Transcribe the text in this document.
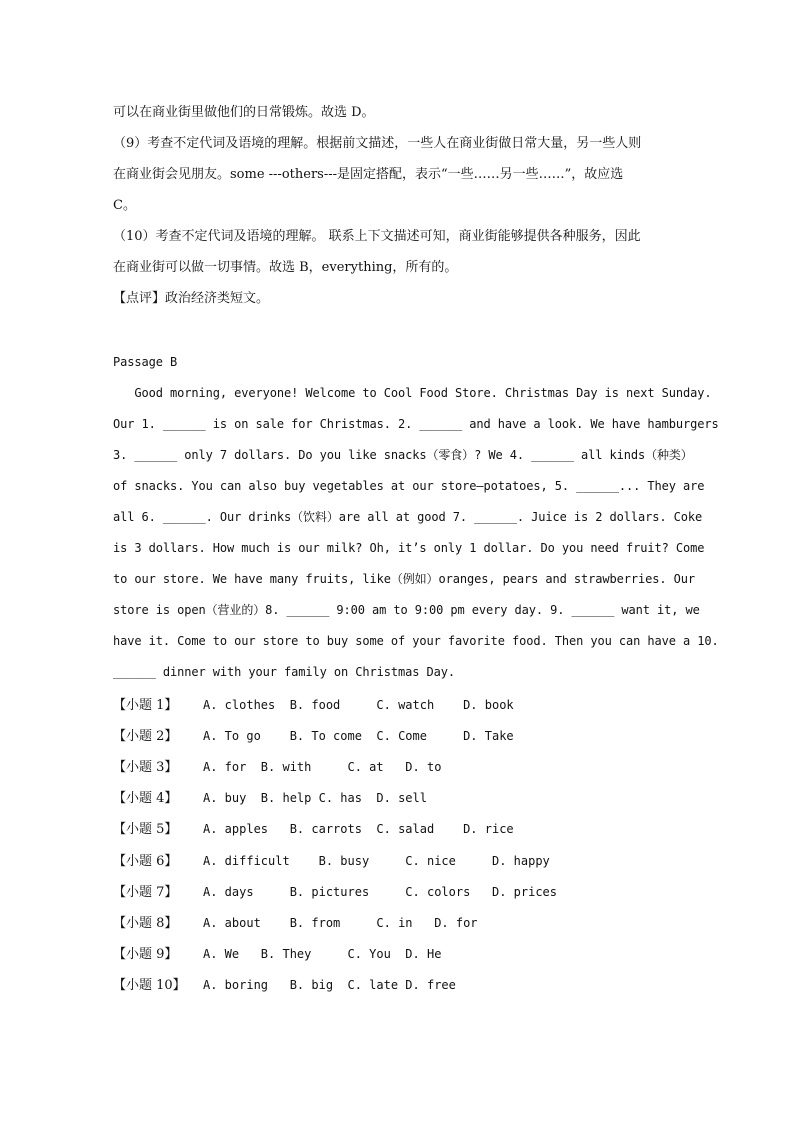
可以在商业街里做他们的日常锻炼。故选 D。
（9）考查不定代词及语境的理解。根据前文描述，一些人在商业街做日常大量，另一些人则
在商业街会见朋友。some ---others---是固定搭配，表示“一些……另一些……”，故应选
C。
（10）考查不定代词及语境的理解。 联系上下文描述可知，商业街能够提供各种服务，因此
在商业街可以做一切事情。故选 B，everything，所有的。
【点评】政治经济类短文。
Passage B
Good morning, everyone! Welcome to Cool Food Store. Christmas Day is next Sunday.
Our 1. ______ is on sale for Christmas. 2. ______ and have a look. We have hamburgers
3. ______ only 7 dollars. Do you like snacks（零食）? We 4. ______ all kinds（种类）
of snacks. You can also buy vegetables at our store—potatoes, 5. ______... They are
all 6. ______. Our drinks（饮料）are all at good 7. ______. Juice is 2 dollars. Coke
is 3 dollars. How much is our milk? Oh, it’s only 1 dollar. Do you need fruit? Come
to our store. We have many fruits, like（例如）oranges, pears and strawberries. Our
store is open（营业的）8. ______ 9:00 am to 9:00 pm every day. 9. ______ want it, we
have it. Come to our store to buy some of your favorite food. Then you can have a 10.
______ dinner with your family on Christmas Day.
【小题 1】 A. clothes  B. food     C. watch    D. book
【小题 2】 A. To go    B. To come  C. Come     D. Take
【小题 3】 A. for  B. with     C. at   D. to
【小题 4】 A. buy  B. help C. has  D. sell
【小题 5】 A. apples   B. carrots  C. salad    D. rice
【小题 6】 A. difficult    B. busy     C. nice     D. happy
【小题 7】 A. days     B. pictures     C. colors   D. prices
【小题 8】 A. about    B. from     C. in   D. for
【小题 9】 A. We   B. They     C. You  D. He
【小题 10】 A. boring   B. big  C. late D. free
